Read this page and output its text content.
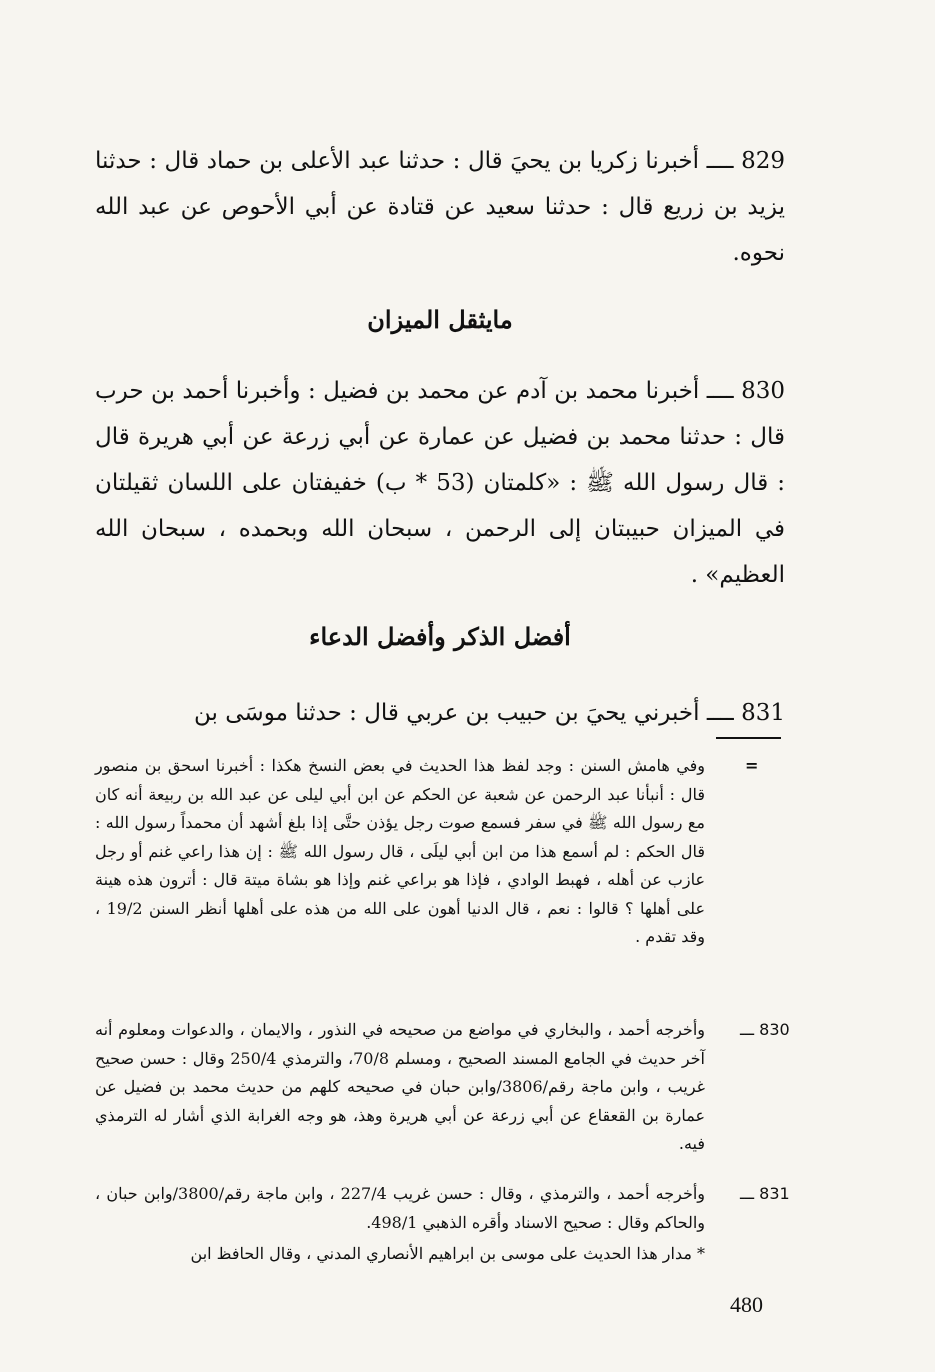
829 ــــ أخبرنا زكريا بن يحيَ قال : حدثنا عبد الأعلى بن حماد قال : حدثنا يزيد بن زريع قال : حدثنا سعيد عن قتادة عن أبي الأحوص عن عبد الله نحوه.
مايثقل الميزان
830 ــــ أخبرنا محمد بن آدم عن محمد بن فضيل : وأخبرنا أحمد بن حرب قال : حدثنا محمد بن فضيل عن عمارة عن أبي زرعة عن أبي هريرة قال : قال رسول الله ﷺ : «كلمتان (53 * ب) خفيفتان على اللسان ثقيلتان في الميزان حبيبتان إلى الرحمن ، سبحان الله وبحمده ، سبحان الله العظيم» .
أفضل الذكر وأفضل الدعاء
831 ــــ أخبرني يحيَ بن حبيب بن عربي قال : حدثنا موسَى بن
=
وفي هامش السنن : وجد لفظ هذا الحديث في بعض النسخ هكذا : أخبرنا اسحق بن منصور قال : أنبأنا عبد الرحمن عن شعبة عن الحكم عن ابن أبي ليلى عن عبد الله بن ربيعة أنه كان مع رسول الله ﷺ في سفر فسمع صوت رجل يؤذن حتَّى إذا بلغ أشهد أن محمداً رسول الله : قال الحكم : لم أسمع هذا من ابن أبي ليلَى ، قال رسول الله ﷺ : إن هذا راعي غنم أو رجل عازب عن أهله ، فهبط الوادي ، فإذا هو براعي غنم وإذا هو بشاة ميتة قال : أترون هذه هينة على أهلها ؟ قالوا : نعم ، قال الدنيا أهون على الله من هذه على أهلها أنظر السنن 19/2 ، وقد تقدم .
830 ـــ
وأخرجه أحمد ، والبخاري في مواضع من صحيحه في النذور ، والايمان ، والدعوات ومعلوم أنه آخر حديث في الجامع المسند الصحيح ، ومسلم 70/8، والترمذي 250/4 وقال : حسن صحيح غريب ، وابن ماجة رقم/3806/وابن حبان في صحيحه كلهم من حديث محمد بن فضيل عن عمارة بن القعقاع عن أبي زرعة عن أبي هريرة وهذ، هو وجه الغرابة الذي أشار له الترمذي فيه.
831 ـــ
وأخرجه أحمد ، والترمذي ، وقال : حسن غريب 227/4 ، وابن ماجة رقم/3800/وابن حبان ، والحاكم وقال : صحيح الاسناد وأقره الذهبي 498/1.
* مدار هذا الحديث على موسى بن ابراهيم الأنصاري المدني ، وقال الحافظ ابن
480
